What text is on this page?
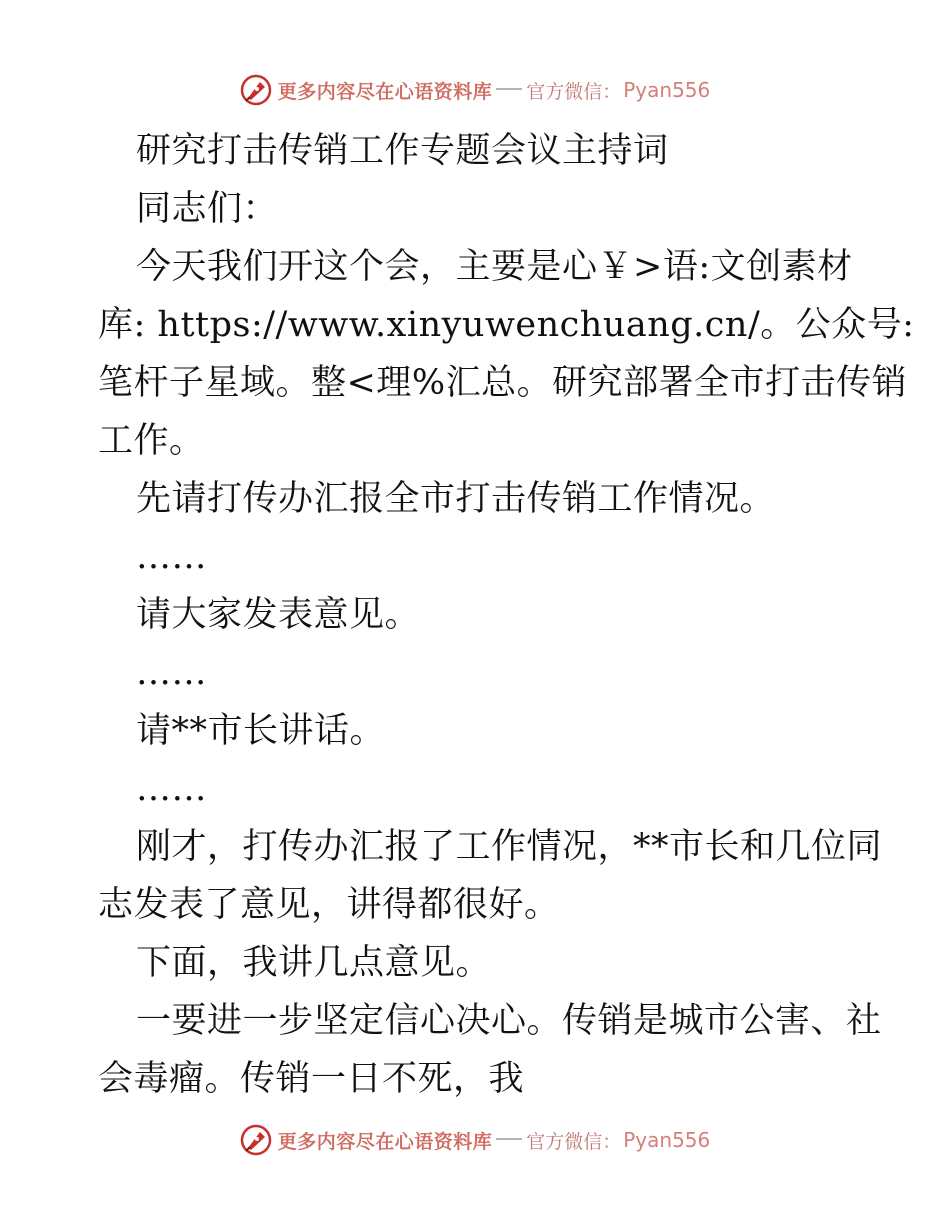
更多内容尽在心语资料库 官方微信： Pyan556
研究打击传销工作专题会议主持词
同志们：
今天我们开这个会，主要是心￥>语:文创素材
库: https://www.xinyuwenchuang.cn/。公众号:
笔杆子星域。整<理%汇总。研究部署全市打击传销
工作。
先请打传办汇报全市打击传销工作情况。
……
请大家发表意见。
……
请**市长讲话。
……
刚才，打传办汇报了工作情况，**市长和几位同
志发表了意见，讲得都很好。
下面，我讲几点意见。
一要进一步坚定信心决心。传销是城市公害、社
会毒瘤。传销一日不死，我
更多内容尽在心语资料库 官方微信： Pyan556
